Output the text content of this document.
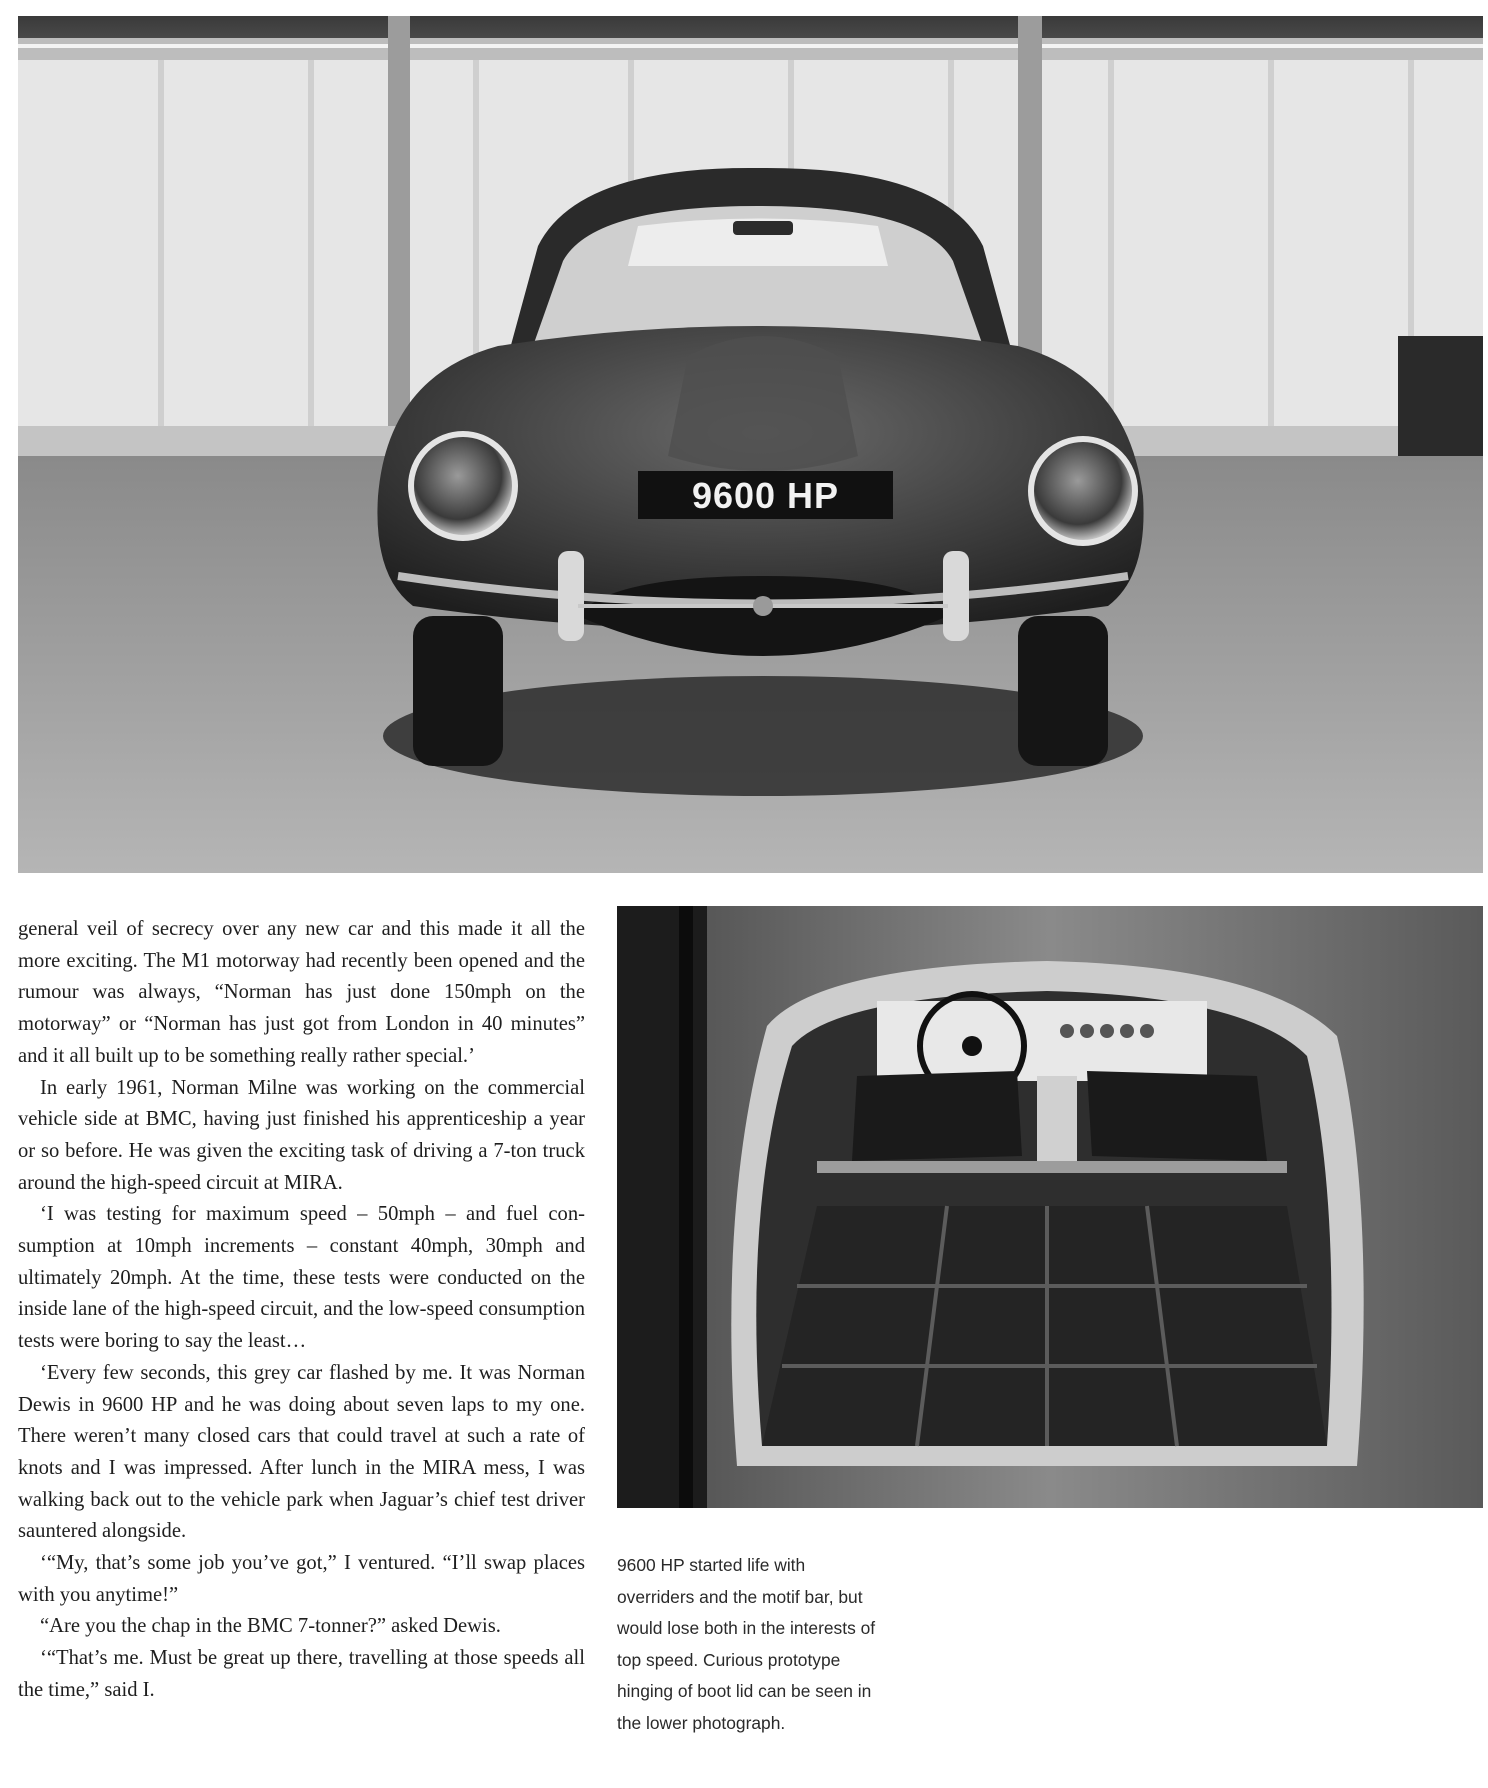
9600 HP

general veil of secrecy over any new car and this made it all the more exciting. The M1 motorway had recently been opened and the rumour was always, “Norman has just done 150mph on the motorway” or “Norman has just got from London in 40 minutes” and it all built up to be something really rather special.’

In early 1961, Norman Milne was working on the commercial vehicle side at BMC, having just finished his apprenticeship a year or so before. He was given the exciting task of driving a 7-ton truck around the high-speed circuit at MIRA.

‘I was testing for maximum speed – 50mph – and fuel consumption at 10mph increments – constant 40mph, 30mph and ultimately 20mph. At the time, these tests were conducted on the inside lane of the high-speed circuit, and the low-speed consumption tests were boring to say the least…

‘Every few seconds, this grey car flashed by me. It was Norman Dewis in 9600 HP and he was doing about seven laps to my one. There weren’t many closed cars that could travel at such a rate of knots and I was impressed. After lunch in the MIRA mess, I was walking back out to the vehicle park when Jaguar’s chief test driver sauntered alongside.

‘“My, that’s some job you’ve got,” I ventured. “I’ll swap places with you anytime!”

“Are you the chap in the BMC 7-tonner?” asked Dewis.

‘“That’s me. Must be great up there, travelling at those speeds all the time,” said I.

9600 HP started life with overriders and the motif bar, but would lose both in the interests of top speed. Curious prototype hinging of boot lid can be seen in the lower photograph.
